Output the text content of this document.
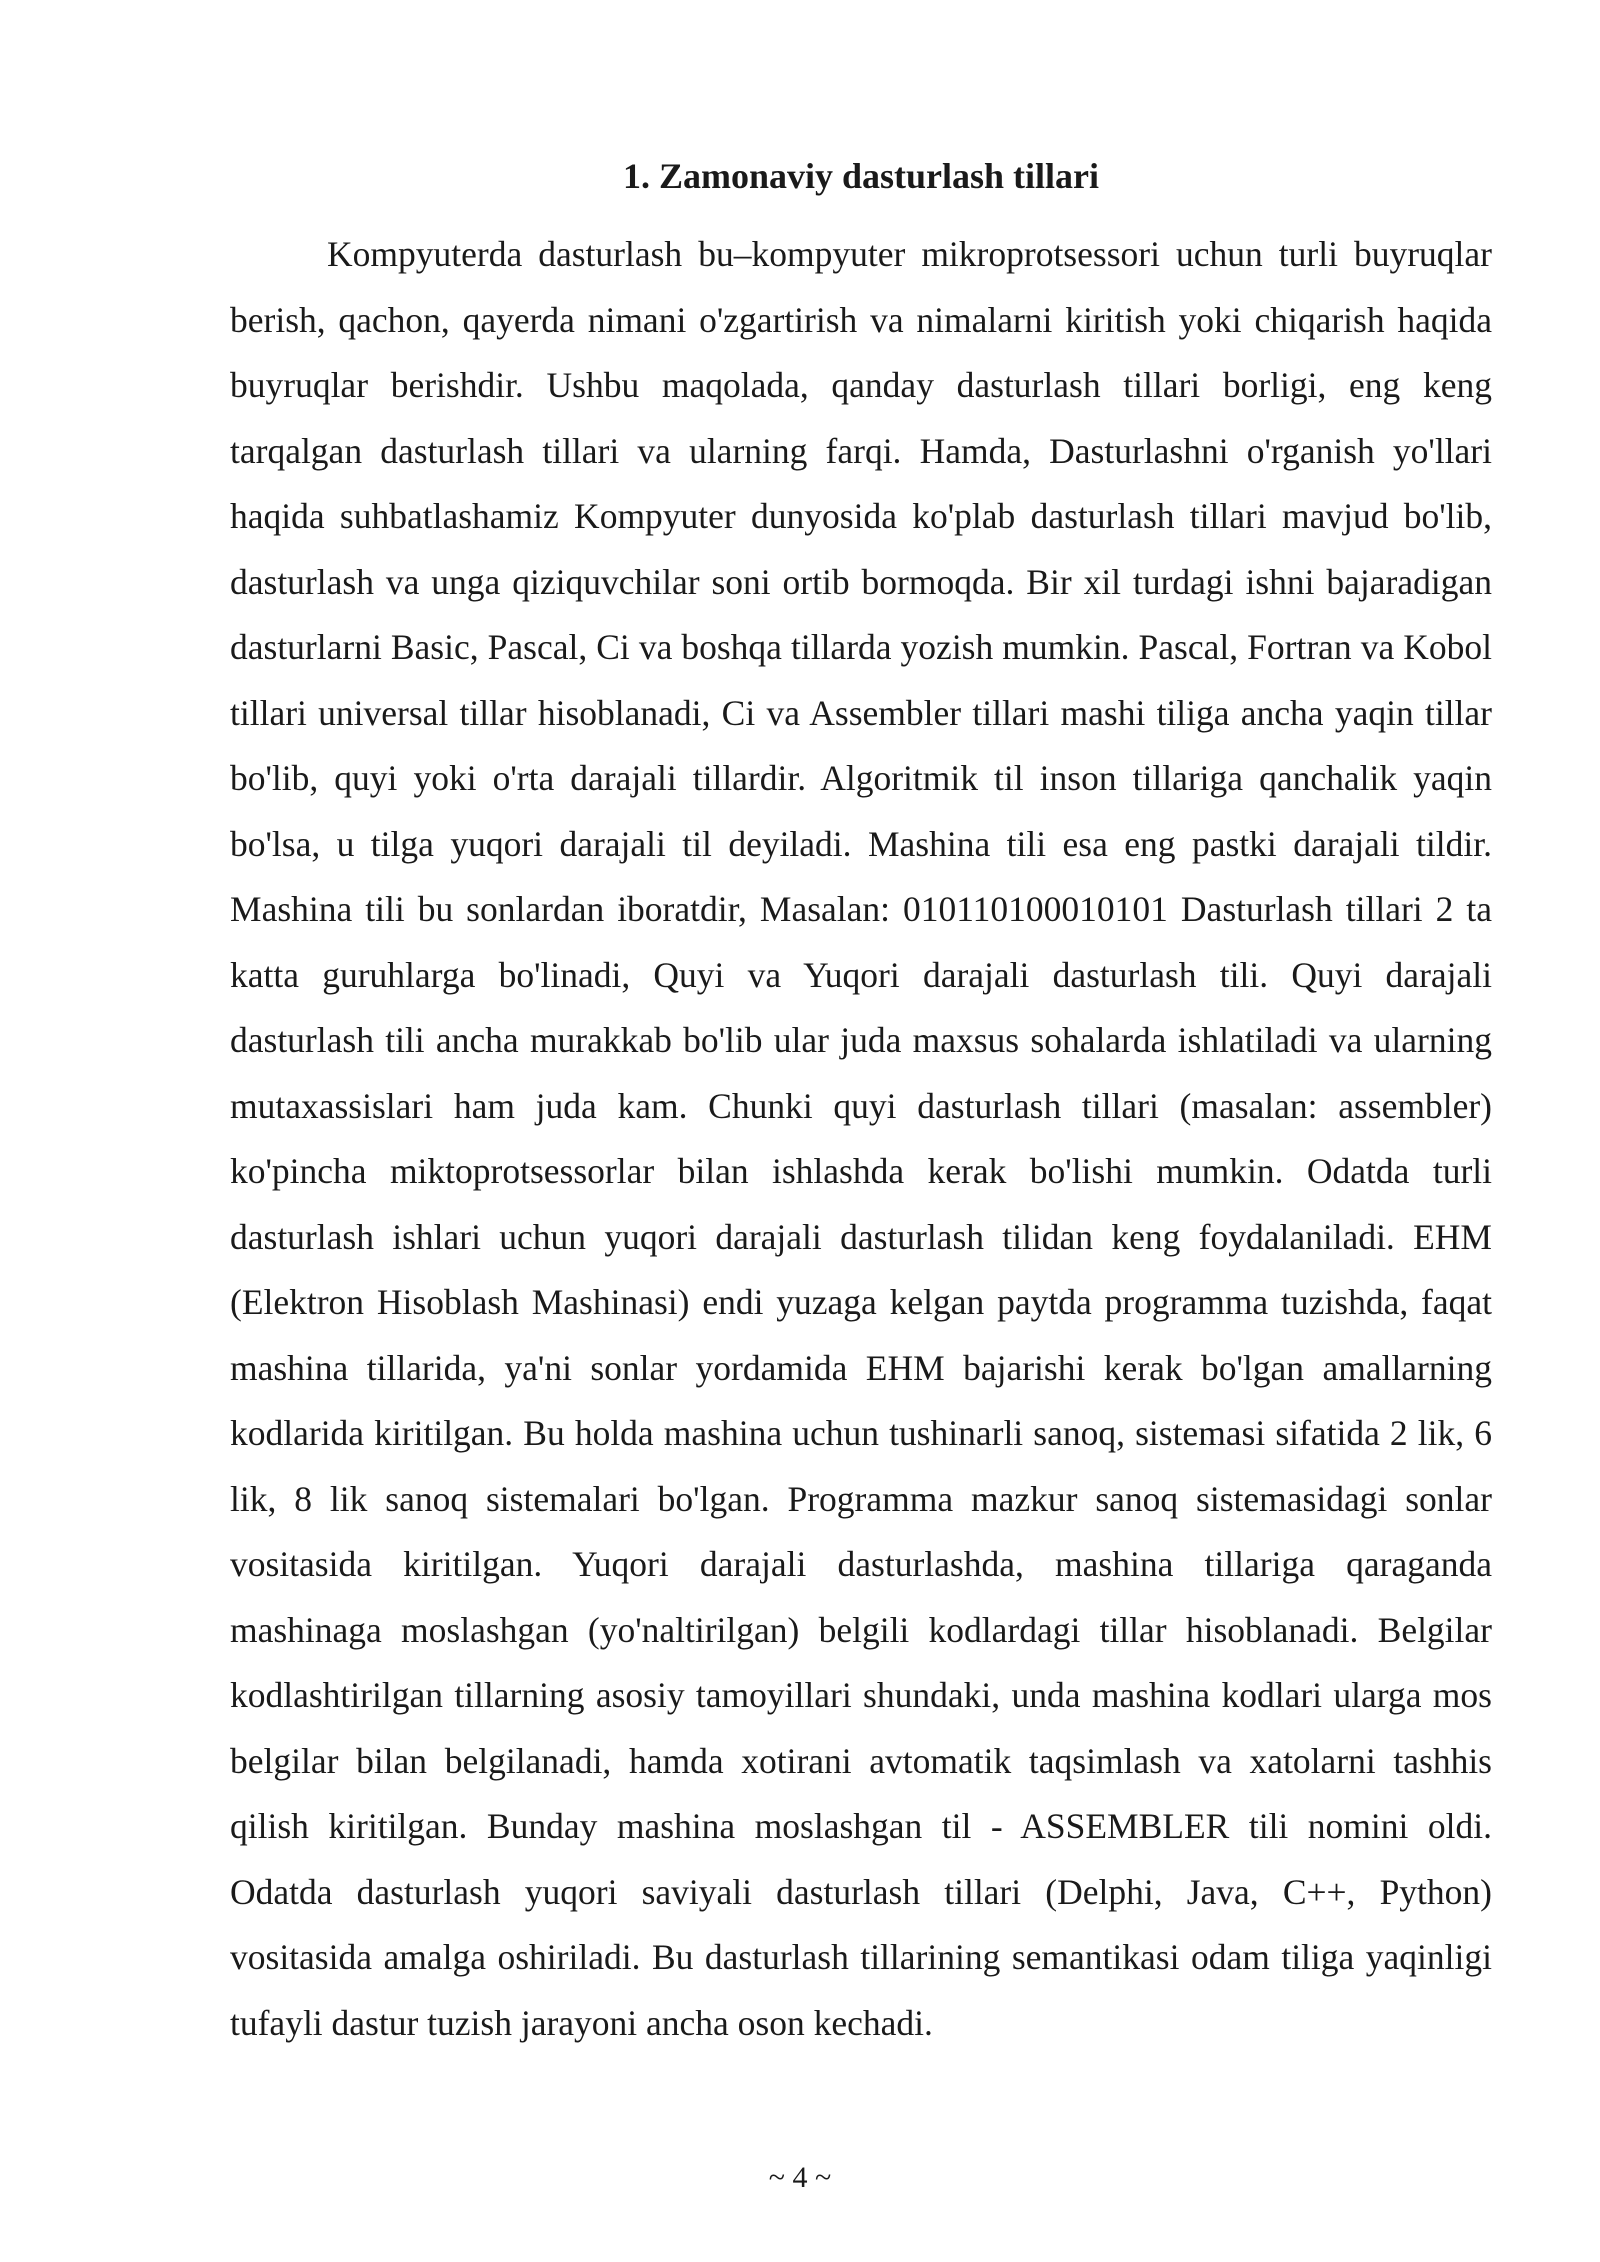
1. Zamonaviy dasturlash tillari

Kompyuterda dasturlash bu–kompyuter mikroprotsessori uchun turli buyruqlar berish, qachon, qayerda nimani o'zgartirish va nimalarni kiritish yoki chiqarish haqida buyruqlar berishdir. Ushbu maqolada, qanday dasturlash tillari borligi, eng keng tarqalgan dasturlash tillari va ularning farqi. Hamda, Dasturlashni o'rganish yo'llari haqida suhbatlashamiz Kompyuter dunyosida ko'plab dasturlash tillari mavjud bo'lib, dasturlash va unga qiziquvchilar soni ortib bormoqda. Bir xil turdagi ishni bajaradigan dasturlarni Basic, Pascal, Ci va boshqa tillarda yozish mumkin. Pascal, Fortran va Kobol tillari universal tillar hisoblanadi, Ci va Assembler tillari mashi tiliga ancha yaqin tillar bo'lib, quyi yoki o'rta darajali tillardir. Algoritmik til inson tillariga qanchalik yaqin bo'lsa, u tilga yuqori darajali til deyiladi. Mashina tili esa eng pastki darajali tildir. Mashina tili bu sonlardan iboratdir, Masalan: 010110100010101 Dasturlash tillari 2 ta katta guruhlarga bo'linadi, Quyi va Yuqori darajali dasturlash tili. Quyi darajali dasturlash tili ancha murakkab bo'lib ular juda maxsus sohalarda ishlatiladi va ularning mutaxassislari ham juda kam. Chunki quyi dasturlash tillari (masalan: assembler) ko'pincha miktoprotsessorlar bilan ishlashda kerak bo'lishi mumkin. Odatda turli dasturlash ishlari uchun yuqori darajali dasturlash tilidan keng foydalaniladi. EHM (Elektron Hisoblash Mashinasi) endi yuzaga kelgan paytda programma tuzishda, faqat mashina tillarida, ya'ni sonlar yordamida EHM bajarishi kerak bo'lgan amallarning kodlarida kiritilgan. Bu holda mashina uchun tushinarli sanoq, sistemasi sifatida 2 lik, 6 lik, 8 lik sanoq sistemalari bo'lgan. Programma mazkur sanoq sistemasidagi sonlar vositasida kiritilgan. Yuqori darajali dasturlashda, mashina tillariga qaraganda mashinaga moslashgan (yo'naltirilgan) belgili kodlardagi tillar hisoblanadi. Belgilar kodlashtirilgan tillarning asosiy tamoyillari shundaki, unda mashina kodlari ularga mos belgilar bilan belgilanadi, hamda xotirani avtomatik taqsimlash va xatolarni tashhis qilish kiritilgan. Bunday mashina moslashgan til - ASSEMBLER tili nomini oldi. Odatda dasturlash yuqori saviyali dasturlash tillari (Delphi, Java, C++, Python) vositasida amalga oshiriladi. Bu dasturlash tillarining semantikasi odam tiliga yaqinligi tufayli dastur tuzish jarayoni ancha oson kechadi.

~ 4 ~
